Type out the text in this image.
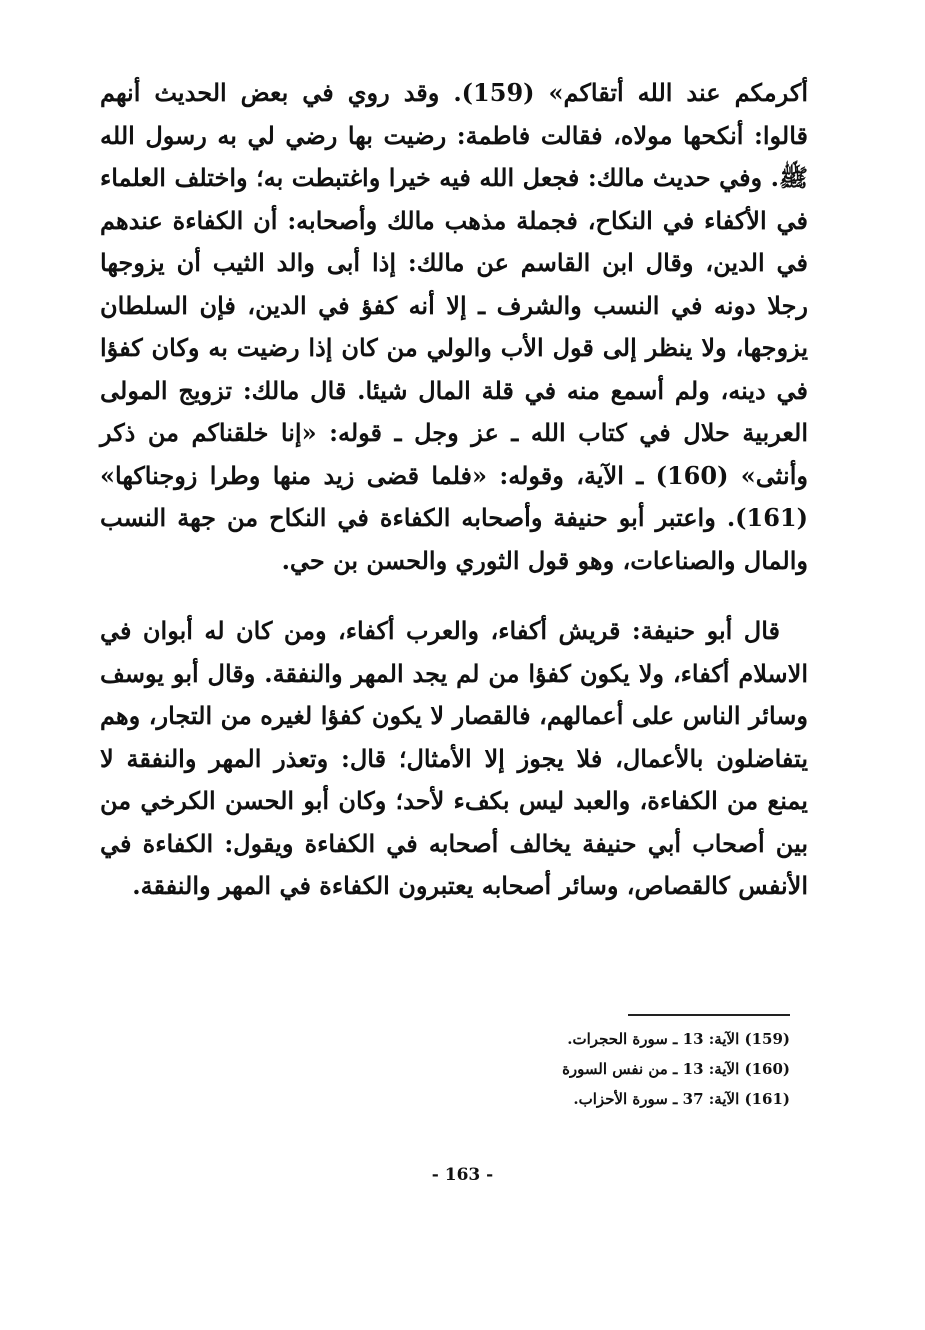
أكرمكم عند الله أتقاكم» (159). وقد روي في بعض الحديث أنهم قالوا: أنكحها مولاه، فقالت فاطمة: رضيت بها رضي لي به رسول الله ﷺ. وفي حديث مالك: فجعل الله فيه خيرا واغتبطت به؛ واختلف العلماء في الأكفاء في النكاح، فجملة مذهب مالك وأصحابه: أن الكفاءة عندهم في الدين، وقال ابن القاسم عن مالك: إذا أبى والد الثيب أن يزوجها رجلا دونه في النسب والشرف ـ إلا أنه كفؤ في الدين، فإن السلطان يزوجها، ولا ينظر إلى قول الأب والولي من كان إذا رضيت به وكان كفؤا في دينه، ولم أسمع منه في قلة المال شيئا. قال مالك: تزويج المولى العربية حلال في كتاب الله ـ عز وجل ـ قوله: «إنا خلقناكم من ذكر وأنثى» (160) ـ الآية، وقوله: «فلما قضى زيد منها وطرا زوجناكها» (161). واعتبر أبو حنيفة وأصحابه الكفاءة في النكاح من جهة النسب والمال والصناعات، وهو قول الثوري والحسن بن حي.

قال أبو حنيفة: قريش أكفاء، والعرب أكفاء، ومن كان له أبوان في الاسلام أكفاء، ولا يكون كفؤا من لم يجد المهر والنفقة. وقال أبو يوسف وسائر الناس على أعمالهم، فالقصار لا يكون كفؤا لغيره من التجار، وهم يتفاضلون بالأعمال، فلا يجوز إلا الأمثال؛ قال: وتعذر المهر والنفقة لا يمنع من الكفاءة، والعبد ليس بكفء لأحد؛ وكان أبو الحسن الكرخي من بين أصحاب أبي حنيفة يخالف أصحابه في الكفاءة ويقول: الكفاءة في الأنفس كالقصاص، وسائر أصحابه يعتبرون الكفاءة في المهر والنفقة.

(159) الآية: 13 ـ سورة الحجرات.
(160) الآية: 13 ـ من نفس السورة
(161) الآية: 37 ـ سورة الأحزاب.
- 163 -
